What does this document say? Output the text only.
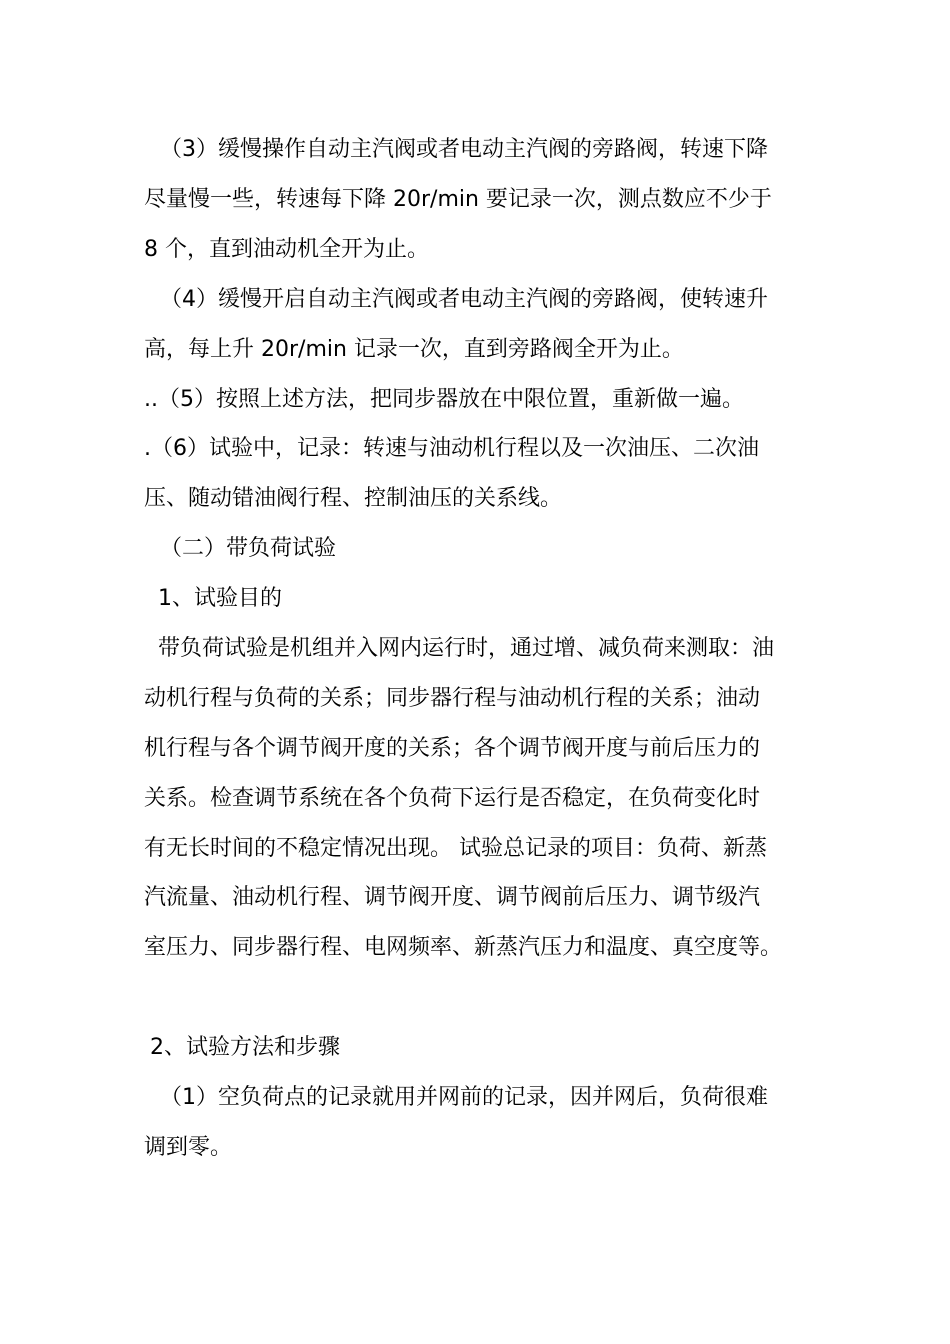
（3）缓慢操作自动主汽阀或者电动主汽阀的旁路阀，转速下降
尽量慢一些，转速每下降 20r/min 要记录一次，测点数应不少于
8 个，直到油动机全开为止。
（4）缓慢开启自动主汽阀或者电动主汽阀的旁路阀，使转速升
高，每上升 20r/min 记录一次，直到旁路阀全开为止。
..（5）按照上述方法，把同步器放在中限位置，重新做一遍。
.（6）试验中，记录：转速与油动机行程以及一次油压、二次油
压、随动错油阀行程、控制油压的关系线。
（二）带负荷试验
1、试验目的
带负荷试验是机组并入网内运行时，通过增、减负荷来测取：油
动机行程与负荷的关系；同步器行程与油动机行程的关系；油动
机行程与各个调节阀开度的关系；各个调节阀开度与前后压力的
关系。检查调节系统在各个负荷下运行是否稳定，在负荷变化时
有无长时间的不稳定情况出现。 试验总记录的项目：负荷、新蒸
汽流量、油动机行程、调节阀开度、调节阀前后压力、调节级汽
室压力、同步器行程、电网频率、新蒸汽压力和温度、真空度等。
2、试验方法和步骤
（1）空负荷点的记录就用并网前的记录，因并网后，负荷很难
调到零。
